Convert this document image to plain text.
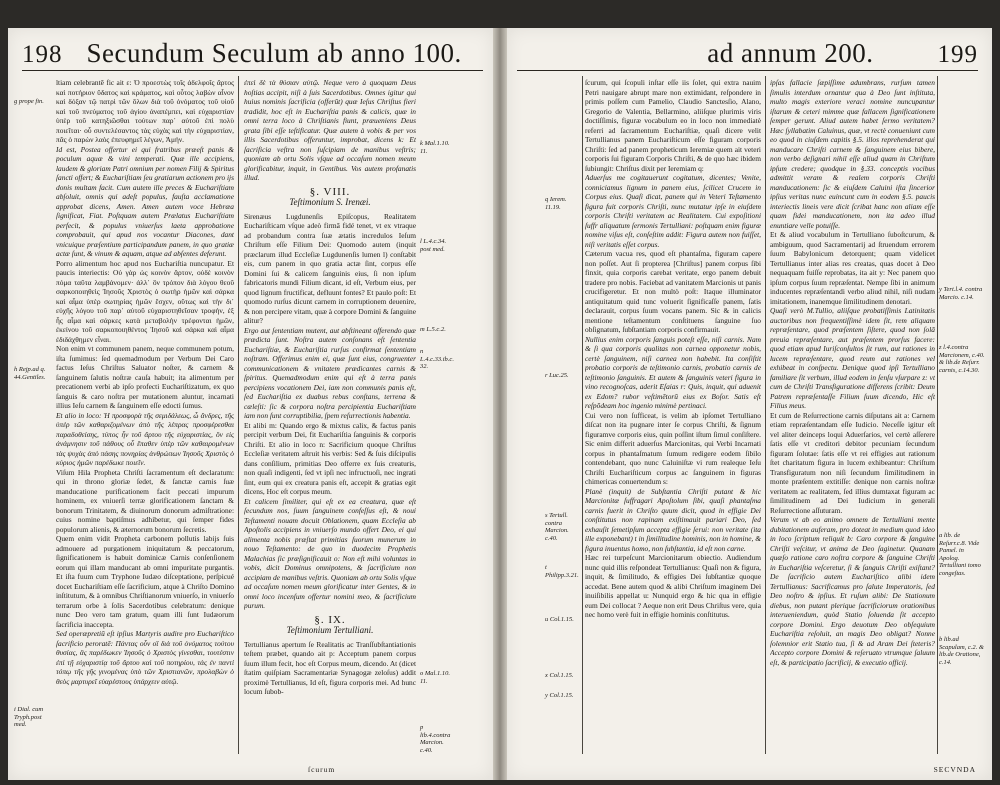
198 Secundum Seculum ab anno 100.
g prope fin.
h Rejp.ad q. 44.Gentiles.
i Dial. cum Tryph.post med.

ltiam celebrantē fic ait ε: Ὁ προεστὼς τοῖς ἀδελφοῖς ἄρτος καὶ ποτήριον ὕδατος καὶ κράματος, καὶ οὗτος λαβὼν αἶνον καὶ δόξαν τῷ πατρὶ τῶν ὅλων διὰ τοῦ ὀνόματος τοῦ υἱοῦ καὶ τοῦ πνεύματος τοῦ ἁγίου ἀναπέμπει, καὶ εὐχαριστίαν ὑπὲρ τοῦ κατηξιῶσθαι τούτων παρ᾽ αὐτοῦ ἐπὶ πολὺ ποιεῖται· οὗ συντελέσαντος τὰς εὐχὰς καὶ τὴν εὐχαριστίαν, πᾶς ὁ παρὼν λαὸς ἐπευφημεῖ λέγων, Ἀμήν.

Id est, Postea offertur ei qui fratribus præeſt panis & poculum aquæ & vini temperati. Quæ ille accipiens, laudem & gloriam Patri omnium per nomen Filij & Spiritus ſancti offert; & Euchariſtiam ſeu gratiarum actionem pro ijs donis multam facit. Cum autem ille preces & Euchariſtiam abſoluit, omnis qui adeſt populus, fauſta acclamatione approbat dicens, Amen. Amen autem voce Hebræa ſignificat, Fiat. Poſtquam autem Prælatus Euchariſtiam perfecit, & populus vniuerſus laeta approbatione comprobauit, qui apud nos vocantur Diacones, dant vnicuique præſentium participandum panem, in quo gratiæ actæ ſunt, & vinum & aquam, atque ad abſentes deferunt.

Porro alimentum hoc apud nos Euchariſtia nuncupatur. Et paucis interiectis: Οὐ γὰρ ὡς κοινὸν ἄρτον, οὐδὲ κοινὸν πόμα ταῦτα λαμβάνομεν· ἀλλ᾽ ὃν τρόπον διὰ λόγου θεοῦ σαρκοποιηθεὶς Ἰησοῦς Χριστὸς ὁ σωτὴρ ἡμῶν καὶ σάρκα καὶ αἷμα ὑπὲρ σωτηρίας ἡμῶν ἔσχεν, οὕτως καὶ τὴν δι᾽ εὐχῆς λόγου τοῦ παρ᾽ αὐτοῦ εὐχαριστηθεῖσαν τροφήν, ἐξ ἧς αἷμα καὶ σάρκες κατὰ μεταβολὴν τρέφονται ἡμῶν, ἐκείνου τοῦ σαρκοποιηθέντος Ἰησοῦ καὶ σάρκα καὶ αἷμα ἐδιδάχθημεν εἶναι.

Non enim vt communem panem, neque communem potum, iſta ſumimus: ſed quemadmodum per Verbum Dei Caro factus Ieſus Chriſtus Saluator noſter, & carnem & ſanguinem ſalutis noſtræ cauſa habuit; ita alimentum per precationem verbi ab ipſo profecti Euchariſtizatum, ex quo ſanguis & caro noſtra per mutationem aluntur, incarnati illius Ieſu carnem & ſanguinem eſſe edocti ſumus.

Et alio in loco: Ἡ προσφορὰ τῆς σεμιδάλεως, ὦ ἄνδρες, τῆς ὑπὲρ τῶν καθαριζομένων ἀπὸ τῆς λέπρας προσφέρεσθαι παραδοθείσης, τύπος ἦν τοῦ ἄρτου τῆς εὐχαριστίας, ὃν εἰς ἀνάμνησιν τοῦ πάθους οὗ ἔπαθεν ὑπὲρ τῶν καθαιρομένων τὰς ψυχὰς ἀπὸ πάσης πονηρίας ἀνθρώπων Ἰησοῦς Χριστὸς ὁ κύριος ἡμῶν παρέδωκε ποιεῖν.

Viſum Hila Propheta Chriſti ſacramentum eſt declaratum: qui in throno gloriæ ſedet, & ſanctæ carnis ſuæ manducatione purificationem facit peccati impurum hominem, ex vniuerſi terræ glorificationem ſanctam & bonorum Trinitatem, & diuinorum donorum admiſtratione: cuius nomine baptiſmus adhibetur, qui ſemper fides populorum alienis, & æternorum bonorum ſecretis.

Quem enim vidit Propheta carbonem pollutis labijs ſuis admouere ad purgationem iniquitatum & peccatorum, ſignificationem is habuit dominicæ Carnis conſenſionem eorum qui illam manducant ab omni impuritate purgantis. Et iſta fuum cum Tryphone Iudæo diſceptatione, perſpicué docet Euchariſtiam eſſe ſacrificium, atque à Chriſto Domino inſtitutum, & à omnibus Chriſtianorum vniuerſo, in vniuerſo terrarum orbe à ſolis Sacerdotibus celebratum: denique nunc Deo vero tam gratum, quam illi ſunt Iudæorum ſacrificia inaccepta.

Sed operæpretiū eſt ipſius Martyris audire pro Euchariſtico ſacrificio peroratē: Πάντας οὖν οἳ διὰ τοῦ ὀνόματος τούτου θυσίας, ἃς παρέδωκεν Ἰησοῦς ὁ Χριστὸς γίνεσθαι, τουτέστιν ἐπὶ τῇ εὐχαριστίᾳ τοῦ ἄρτου καὶ τοῦ ποτηρίου, τὰς ἐν παντὶ τόπῳ τῆς γῆς γινομένας ὑπὸ τῶν Χριστιανῶν, προλαβὼν ὁ θεὸς μαρτυρεῖ εὐαρέστους ὑπάρχειν αὐτῷ.

ἐπεὶ δὲ τὰ θύσιαν αὐτῷ. Neque vero à quoquam Deus hoſtias accipit, niſi à ſuis Sacerdotibus. Omnes igitur qui huius nominis ſacrificia (offerūt) quæ Ieſus Chriſtus fieri tradidit, hoc eſt in Euchariſtia panis & calicis, quæ in omni terra loco à Chriſtianis fiunt, præueniens Deus grata ſibi eſſe teſtificatur. Quæ autem à vobis & per vos illis Sacerdotibus offeruntur, improbat, dicens k: Et ſacrificia veſtra non ſuſcipiam de manibus veſtris; quoniam ab ortu Solis vſque ad occaſum nomen meum glorificabitur, inquit, in Gentibus. Vos autem profanatis illud.

§. VIII.
Teſtimonium S. Irenæi.

Sirenæus Lugdunenſis Epiſcopus, Realitatem Euchariſticam vſque adeò firmā fidé tenet, vt ex vtraque ad probandum contra ſuæ ætatis incredulos Ieſum Chriſtum eſſe Filium Dei: Quomodo autem (inquit præclarum illud Eccleſiæ Lugdunenſis lumen l) conſtabit eis, cum panem in quo gratia actæ ſint, corpus eſſe Domini ſui & calicem ſanguinis eius, ſi non ipſum fabricatoris mundi Filium dicant, id eſt, Verbum eius, per quod lignum fructificat, defluunt fontes? Et paulo poſt: Et quomodo rurſus dicunt carnem in corruptionem deuenire, & non percipere vitam, quæ à corpore Domini & ſanguine alitur?

Ergo aut ſententiam mutent, aut abſtineant offerendo quæ prædicta ſunt. Noſtra autem conſonans eſt ſententia Euchariſtiæ, & Euchariſtia rurſus confirmat ſententiam noſtram. Offerimus enim ei, quæ ſunt eius, congruenter communicationem & vnitatem prædicantes carnis & ſpiritus. Quemadmodum enim qui eſt à terra panis percipiens vocationem Dei, iam non communis panis eſt, ſed Euchariſtia ex duabus rebus conſtans, terrena & cæleſti: ſic & corpora noſtra percipientia Euchariſtiam iam non ſunt corruptibilia, ſpem reſurrectionis habentia.

Et alibi m: Quando ergo & mixtus calix, & factus panis percipit verbum Dei, fit Euchariſtia ſanguinis & corporis Chriſti. Et alio in loco n: Sacrificium quoque Chriſtus Eccleſiæ veritatem aſtruit his verbis: Sed & ſuis diſcipulis dans conſilium, primitias Deo offerre ex ſuis creaturis, non quaſi indigenti, ſed vt ipſi nec infructuoſi, nec ingrati ſint, eum qui ex creatura panis eſt, accepit & gratias egit dicens, Hoc eſt corpus meum.

Et calicem ſimiliter, qui eſt ex ea creatura, quæ eſt ſecundum nos, ſuum ſanguinem confeſſus eſt, & noui Teſtamenti nouam docuit Oblationem, quam Eccleſia ab Apoſtolis accipiens in vniuerſo mundo offert Deo, ei qui alimenta nobis præſtat primitias ſuorum munerum in nouo Teſtamento: de quo in duodecim Prophetis Malachias ſic præſignificauit o: Non eſt mihi voluntas in vobis, dicit Dominus omnipotens, & ſacrificium non accipiam de manibus veſtris. Quoniam ab ortu Solis vſque ad occaſum nomen meum glorificatur inter Gentes, & in omni loco incenſum offertur nomini meo, & ſacrificium purum.

§. IX.
Teſtimonium Tertulliani.

Tertullianus apertum ſe Realitatis ac Tranſſubſtantiationis teſtem præbet, quando ait p: Acceptum panem corpus ſuum illum fecit, hoc eſt Corpus meum, dicendo. At (dicet ſtatim quiſpiam Sacramentariæ Synagogæ zeloſus) addit proximè Tertullianus, Id eſt, figura corporis mei. Ad hunc locum ſubob-

k Mal.1.10. 11.
l L.4.c.34. post med.
m L.5.c.2.
n L.4.c.33.ib.c. 32.
o Mal.1.10. 11.
p lib.4.contra Marcion. c.40.
ſcurum
ad annum 200.	199
q Ierem. 11.19.
r Luc.25.
s Tertull. contra Marcion. c.40.
t Philipp.3.21.
u Col.1.15.
x Col.1.15.
y Col.1.15.

ſcurum, qui ſcopuli inſtar eſſe iis ſolet, qui extra nauim Petri nauigare abrupt mare non extimidant, reſpondere in primis poſſem cum Pamelio, Claudio Sanctesſio, Alano, Gregorio de Valentia, Bellarmino, aliiſque plurimis viris doctiſſimis, figuræ vocabulum eo in loco non immediatè referri ad ſacramentum Euchariſtiæ, quaſi dicere velit Tertullianus panem Euchariſticum eſſe figuram corporis Chriſti: ſed ad panem propheticum Ieremiæ quem ait veteri corporis ſui figuram Corporis Chriſti, & de quo hæc ibidem ſubiungit: Chriſtus dixit per Ieremiam q:

Aduerſus me cogitauerunt cogitatum, dicentes; Venite, conniciamus lignum in panem eius, ſcilicet Crucem in Corpus eius. Quaſi dicat, panem qui in Veteri Teſtamento figura fuit corporis Chriſti, nunc mutatur ipſe in eiuſdem corporis Chriſti veritatem ac Realitatem. Cui expoſitioni ſuffr aliquatum ſermonis Tertulliani: poſtquam enim figuræ nomine viſus eſt, conſeſtim addit: Figura autem non fuiſſet, niſi veritatis eſſet corpus.

Cæterum vacua res, quod eſt phantaſma, figuram capere non poſſet. Aut ſi propterea [Chriſtus] panem corpus ſibi finxit, quia corporis carebat veritate, ergo panem debuit tradere pro nobis. Faciebat ad vanitatem Marcionis ut panis crucifigeretur. Et non multò poſt: Itaque illuminator antiquitatum quid tunc voluerit ſignificaſſe panem, ſatis declarauit, corpus ſuum vocans panem. Sic & in calicis mentione teſtamentum conſtituens ſanguine ſuo obſignatum, ſubſtantiam corporis confirmauit.

Nullius enim corporis ſanguis poteſt eſſe, niſi carnis. Nam & ſi qua corporis qualitas non carnea opponetur nobis, certè ſanguinem, niſi carnea non habebit. Ita conſiſtit probatio corporis de teſtimonio carnis, probatio carnis de teſtimonio ſanguinis. Et autem & ſanguinis veteri figura in vino recognoſcas, aderit Eſaias r: Quis, inquit, qui aduenit ex Edom? rubor veſtimētorū eius ex Boſor. Satis eſt reſpōdeam hoc ingenio minimè pertinaci.

Cui vero non ſufficeat, is velim ab ipſomet Tertulliano diſcat non ita pugnare inter ſe corpus Chriſti, & ſignum figuramve corporis eius, quin poſſint iſtum ſimul conſiſtere. Sic enim differit aduerſus Marcionitas, qui Verbi Incarnati corpus in phantaſmatum ſumum redigere eodem ſibilo contendebant, quo nunc Caluiniſtæ vi rum realeque Ieſu Chriſti Euchariſticum corpus ac ſanguinem in figuras chimericas conuertendum s:

Planè (inquit) de Subſtantia Chriſti putant & hic Marcionitæ ſuffragari Apoſtolum ſibi, quaſi phantaſma carnis fuerit in Chriſto quum dicit, quod in effigie Dei conſtitutus non rapinam exiſtimauit pariari Deo, ſed exhauſit ſemetipſum accepta effigie ſerui: non veritate (ita ille exponebant) t in ſimilitudine hominis, non in homine, & figura inuentus homo, non ſubſtantia, id eſt non carne.

Hæc rei turpeſcunt Marcionitarum obiectio. Audiendum nunc quid illis reſpondeat Tertullianus: Quaſi non & figura, inquit, & ſimilitudo, & effigies Dei ſubſtantiæ quoque accedat. Bene autem quod & alibi Chriſtum imaginem Dei inuiſibilis appellat u: Nunquid ergo & hic qua in effigie eum Dei collocat ? Aeque non erit Deus Chriſtus vere, quia nec homo verè fuit in effigie hominis conſtitutus.

ipſas fallacie ſæpiſſime adumbrans, rurſum tamen ſimulis interdum ornantur qua à Deo ſunt inſtituta, multo magis exteriore veraci nomine nuncupantur iſtarum & ceteri mimme quæ fallacem ſignificationem ſemper gerunt. Aliud autem habet ſermo veritatem? Hæc ſyllabatim Caluinus, quæ, vt rectè conueniunt cum eo quod in ciuſdem capitis §.5. illos reprehenderat qui manducare Chriſti carnem & ſanguinem eius bibere, non verbo deſignari nihil eſſe aliud quam in Chriſtum ipſum credere; quodque in §.33. conceptis vocibus admittit veram & realem corporis Chriſti manducationem: ſic & eiuſdem Caluini iſta ſincerior ipſius veritas nunc euincunt cum in eodem §.5. paucis interiectis lineis vere dicit ſcribat hanc non aliam eſſe quam fidei manducationem, non ita adeo illud enuntiare velle potuiſſe.

Et & aliud vocabulum in Tertulliano ſuboſtcurum, & ambiguum, quod Sacramentarij ad ſtruendum errorem ſuum Babylonicum detorquent; quam videlicet Tertullianus inter alias res creatas, quas docet à Deo nequaquam fuiſſe reprobatas, ita ait y: Nec panem quo ipſum corpus ſuum repræſentat. Nempe ſibi in animum inducentes repræſentandi verbo aliud nihil, niſi nudam imitationem, inanemque ſimilitudinem denotari.

Quaſi verò M.Tullio, aliiſque probatiſſimis Latinitatis auctoribus non frequentiſſimè idem ſit, rem aliquam repræſentare, quod præſentem ſiſtere, quod non ſolā preuia repræſentare, aut præſentem prorſus facere: quod etiam apud Iuriſconſultos ſit rum, aut rationes in lucem repræſentare, quod reum aut rationes vel exhibeat in conſpectu. Denique quod ipſi Tertulliano familiare ſit verbum, illud eodem in ſenſu vſurpare z: vt cum de Chriſti Transfiguratione differens ſcribit: Deum Patrem repræſentaſſe Filium ſuum dicendo, Hic eſt Filius meus.

Et cum de Reſurrectione carnis diſputans ait a: Carnem etiam repræſentandam eſſe Iudicio. Neceſſe igitur eſt vel aliter deinceps loqui Aduerſarios, vel certè aſſerere ſatis eſſe vt creditori debitor pecuniam ſecundum figuram ſolutae: ſatis eſſe vt rei effigies aut rationum ſtet charitatum figura in lucem exhibeantur: Chriſtum Transfiguratum non niſi ſecundum ſimilitudinem in monte præſentem extitiſſe: denique non carnis noſtræ veritatem ac realitatem, ſed illius dumtaxat figuram ac ſimilitudinem ad Dei Iudicium in generali Reſurrectione aſſuturam.

Verum vt ab eo animo omnem de Tertulliani mente dubitationem auferam, pro doteat in medium quod ideo in loco ſcriptum reliquit b: Caro corpore & ſanguine Chriſti veſcitur, vt anima de Deo ſaginetur. Quanam quæſo ratione caro noſtra corpore & ſanguine Chriſti in Euchariſtia veſceretur, ſi & ſanguis Chriſti exiſtant? De ſacrificio autem Euchariſtico alibi idem Tertullianus: Sacrificamus pro ſalute Imperatoris, ſed Deo noſtro & ipſius. Et ruſum alibi: De Stationum diebus, non putant plerique ſacrificiorum orationibus interueniendum, quòd Statio ſoluenda ſit accepto corpore Domini. Ergo deuotum Deo obſequium Euchariſtia reſoluit, an magis Deo obligat? Nonne ſolemnior erit Statio tua, ſi & ad Aram Dei ſteteris? Accepto corpore Domini & reſeruato vtrumque ſaluum eſt, & participatio ſacrificij, & executio officij.

y Tert.l.4. contra Marcio. c.14.
z l.4.contra Marcionem, c.40. & lib.de Reſurr. carnis, c.14.30.
a lib. de Reſurr.c.8. Vide Pamel. in Apolog. Tertulliani tomo congeſtas.
b lib.ad Scapulam, c.2. & lib.de Oratione, c.14.
SECVNDA
